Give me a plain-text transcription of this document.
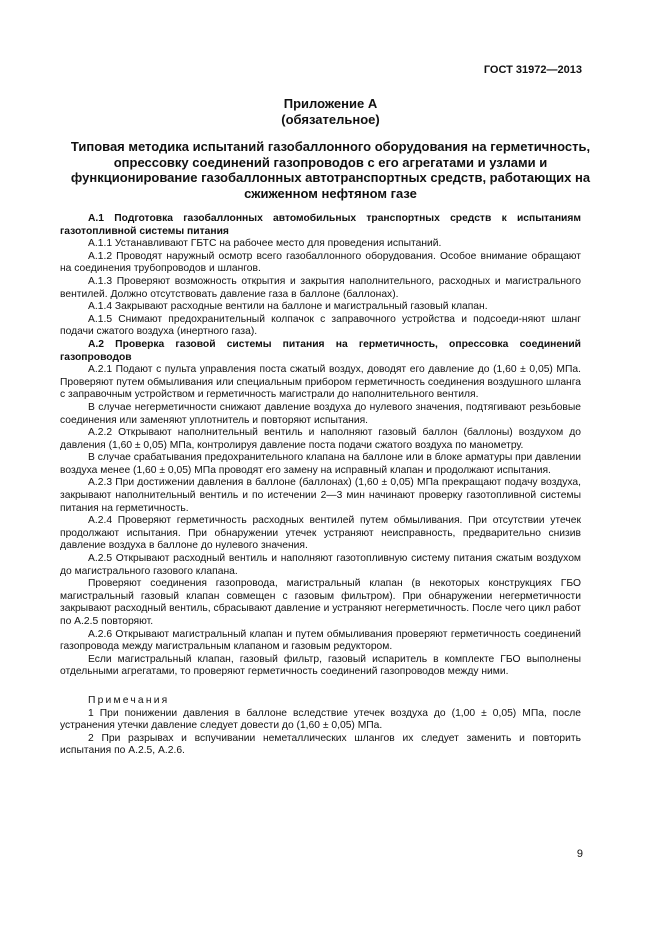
ГОСТ 31972—2013
Приложение А
(обязательное)
Типовая методика испытаний газобаллонного оборудования на герметичность, опрессовку соединений газопроводов с его агрегатами и узлами и функционирование газобаллонных автотранспортных средств, работающих на сжиженном нефтяном газе

А.1 Подготовка газобаллонных автомобильных транспортных средств к испытаниям газотопливной системы питания

А.1.1 Устанавливают ГБТС на рабочее место для проведения испытаний.

А.1.2 Проводят наружный осмотр всего газобаллонного оборудования. Особое внимание обращают на соединения трубопроводов и шлангов.

А.1.3 Проверяют возможность открытия и закрытия наполнительного, расходных и магистрального вентилей. Должно отсутствовать давление газа в баллоне (баллонах).

А.1.4 Закрывают расходные вентили на баллоне и магистральный газовый клапан.

А.1.5 Снимают предохранительный колпачок с заправочного устройства и подсоеди-няют шланг подачи сжатого воздуха (инертного газа).

А.2 Проверка газовой системы питания на герметичность, опрессовка соединений газопроводов

А.2.1 Подают с пульта управления поста сжатый воздух, доводят его давление до (1,60 ± 0,05) МПа. Проверяют путем обмыливания или специальным прибором герметичность соединения воздушного шланга с заправочным устройством и герметичность магистрали до наполнительного вентиля.

В случае негерметичности снижают давление воздуха до нулевого значения, подтягивают резьбовые соединения или заменяют уплотнитель и повторяют испытания.

А.2.2 Открывают наполнительный вентиль и наполняют газовый баллон (баллоны) воздухом до давления (1,60 ± 0,05) МПа, контролируя давление поста подачи сжатого воздуха по манометру.

В случае срабатывания предохранительного клапана на баллоне или в блоке арматуры при давлении воздуха менее (1,60 ± 0,05) МПа проводят его замену на исправный клапан и продолжают испытания.

А.2.3 При достижении давления в баллоне (баллонах) (1,60 ± 0,05) МПа прекращают подачу воздуха, закрывают наполнительный вентиль и по истечении 2—3 мин начинают проверку газотопливной системы питания на герметичность.

А.2.4 Проверяют герметичность расходных вентилей путем обмыливания. При отсутствии утечек продолжают испытания. При обнаружении утечек устраняют неисправность, предварительно снизив давление воздуха в баллоне до нулевого значения.

А.2.5 Открывают расходный вентиль и наполняют газотопливную систему питания сжатым воздухом до магистрального газового клапана.

Проверяют соединения газопровода, магистральный клапан (в некоторых конструкциях ГБО магистральный газовый клапан совмещен с газовым фильтром). При обнаружении негерметичности закрывают расходный вентиль, сбрасывают давление и устраняют негерметичность. После чего цикл работ по А.2.5 повторяют.

А.2.6 Открывают магистральный клапан и путем обмыливания проверяют герметичность соединений газопровода между магистральным клапаном и газовым редуктором.

Если магистральный клапан, газовый фильтр, газовый испаритель в комплекте ГБО выполнены отдельными агрегатами, то проверяют герметичность соединений газопроводов между ними.

Примечания

1 При понижении давления в баллоне вследствие утечек воздуха до (1,00 ± 0,05) МПа, после устранения утечки давление следует довести до (1,60 ± 0,05) МПа.

2 При разрывах и вспучивании неметаллических шлангов их следует заменить и повторить испытания по А.2.5, А.2.6.

9
